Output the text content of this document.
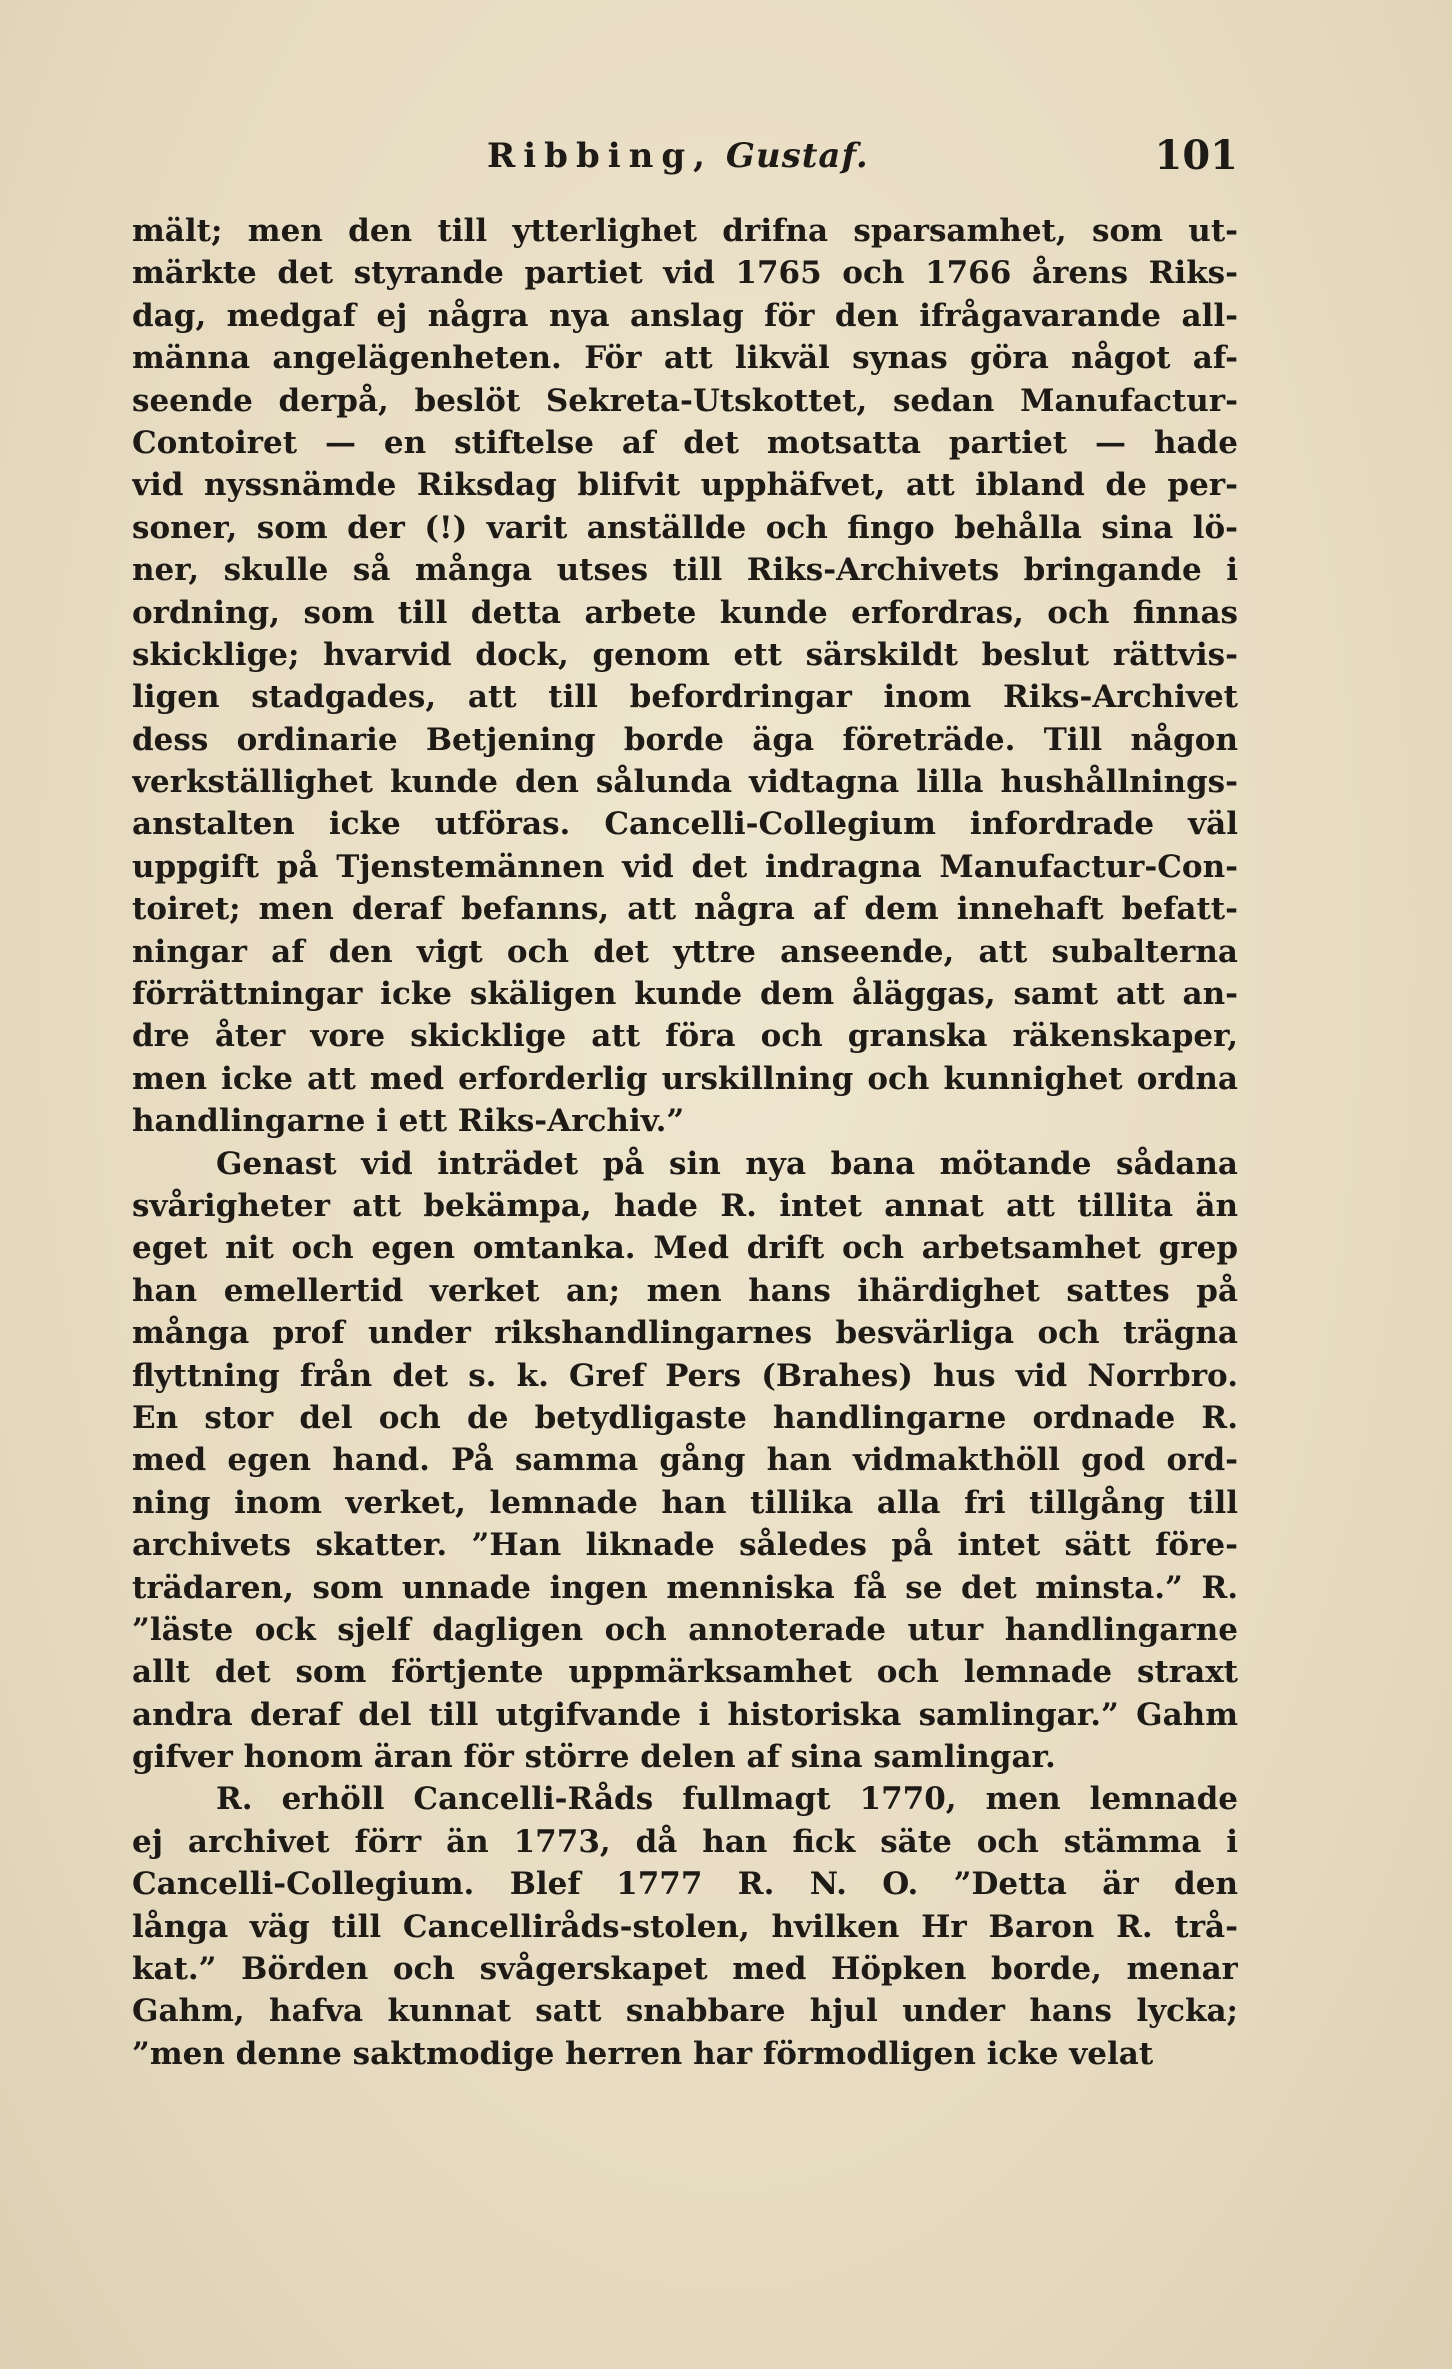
Ribbing, Gustaf.	101
mält; men den till ytterlighet drifna sparsamhet, som ut-
märkte det styrande partiet vid 1765 och 1766 årens Riks-
dag, medgaf ej några nya anslag för den ifrågavarande all-
männa angelägenheten. För att likväl synas göra något af-
seende derpå, beslöt Sekreta-Utskottet, sedan Manufactur-
Contoiret — en stiftelse af det motsatta partiet — hade
vid nyssnämde Riksdag blifvit upphäfvet, att ibland de per-
soner, som der (!) varit anställde och fingo behålla sina lö-
ner, skulle så många utses till Riks-Archivets bringande i
ordning, som till detta arbete kunde erfordras, och finnas
skicklige; hvarvid dock, genom ett särskildt beslut rättvis-
ligen stadgades, att till befordringar inom Riks-Archivet
dess ordinarie Betjening borde äga företräde. Till någon
verkställighet kunde den sålunda vidtagna lilla hushållnings-
anstalten icke utföras. Cancelli-Collegium infordrade väl
uppgift på Tjenstemännen vid det indragna Manufactur-Con-
toiret; men deraf befanns, att några af dem innehaft befatt-
ningar af den vigt och det yttre anseende, att subalterna
förrättningar icke skäligen kunde dem åläggas, samt att an-
dre åter vore skicklige att föra och granska räkenskaper,
men icke att med erforderlig urskillning och kunnighet ordna
handlingarne i ett Riks-Archiv.”
Genast vid inträdet på sin nya bana mötande sådana
svårigheter att bekämpa, hade R. intet annat att tillita än
eget nit och egen omtanka. Med drift och arbetsamhet grep
han emellertid verket an; men hans ihärdighet sattes på
många prof under rikshandlingarnes besvärliga och trägna
flyttning från det s. k. Gref Pers (Brahes) hus vid Norrbro.
En stor del och de betydligaste handlingarne ordnade R.
med egen hand. På samma gång han vidmakthöll god ord-
ning inom verket, lemnade han tillika alla fri tillgång till
archivets skatter. ”Han liknade således på intet sätt före-
trädaren, som unnade ingen menniska få se det minsta.” R.
”läste ock sjelf dagligen och annoterade utur handlingarne
allt det som förtjente uppmärksamhet och lemnade straxt
andra deraf del till utgifvande i historiska samlingar.” Gahm
gifver honom äran för större delen af sina samlingar.
R. erhöll Cancelli-Råds fullmagt 1770, men lemnade
ej archivet förr än 1773, då han fick säte och stämma i
Cancelli-Collegium. Blef 1777 R. N. O. ”Detta är den
långa väg till Cancelliråds-stolen, hvilken Hr Baron R. trå-
kat.” Börden och svågerskapet med Höpken borde, menar
Gahm, hafva kunnat satt snabbare hjul under hans lycka;
”men denne saktmodige herren har förmodligen icke velat
